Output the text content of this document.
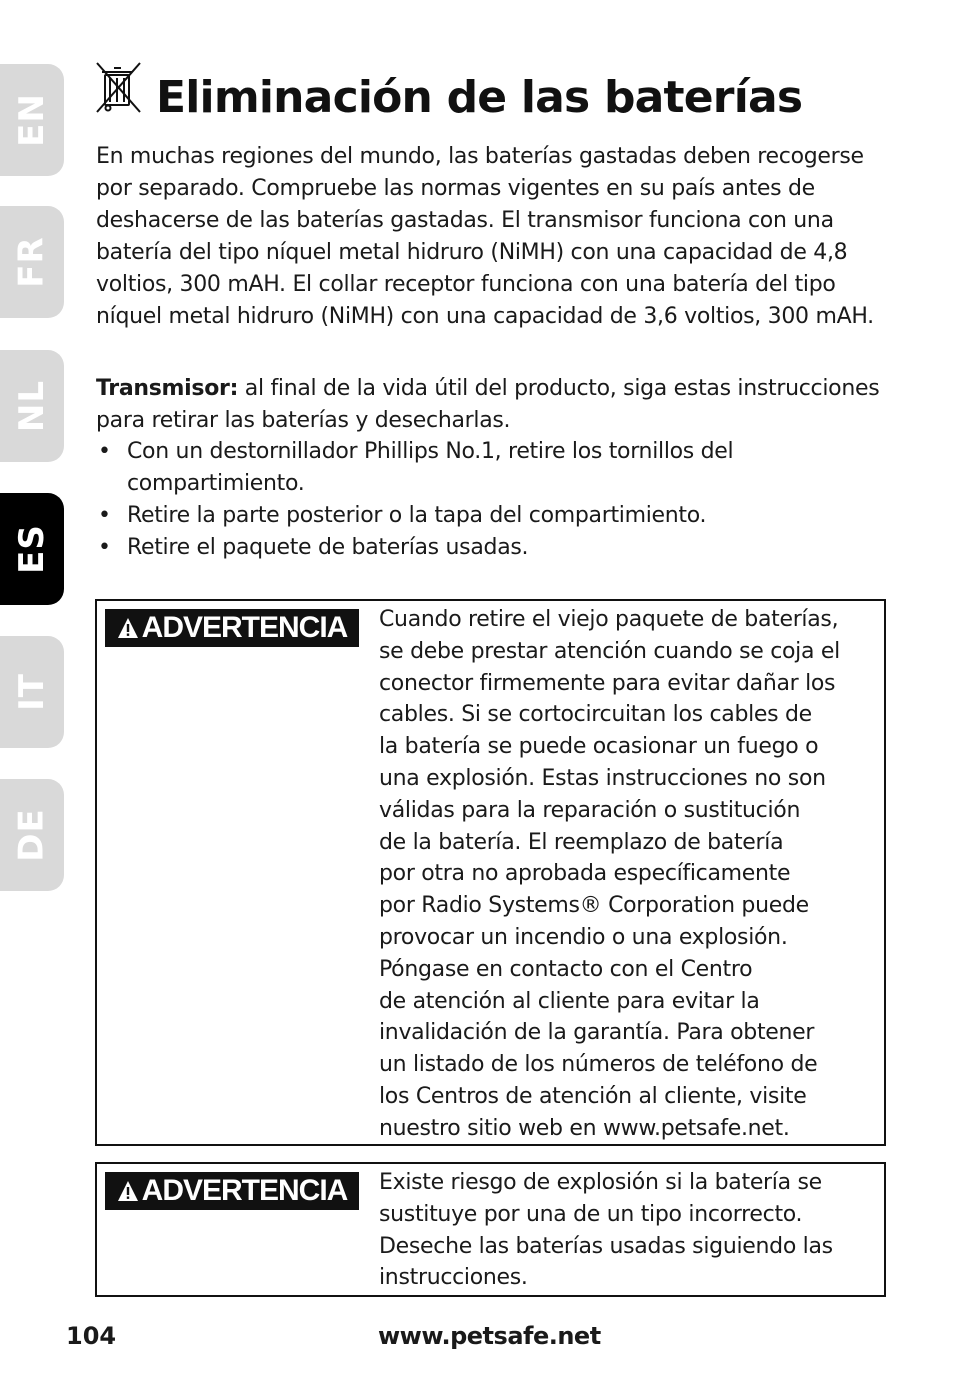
EN
FR
NL
ES
IT
DE
Eliminación de las baterías

En muchas regiones del mundo, las baterías gastadas deben recogerse por separado. Compruebe las normas vigentes en su país antes de deshacerse de las baterías gastadas. El transmisor funciona con una batería del tipo níquel metal hidruro (NiMH) con una capacidad de 4,8 voltios, 300 mAH. El collar receptor funciona con una batería del tipo níquel metal hidruro (NiMH) con una capacidad de 3,6 voltios, 300 mAH.

Transmisor: al final de la vida útil del producto, siga estas instrucciones para retirar las baterías y desecharlas.

• Con un destornillador Phillips No.1, retire los tornillos del compartimiento.
• Retire la parte posterior o la tapa del compartimiento.
• Retire el paquete de baterías usadas.
ADVERTENCIA Cuando retire el viejo paquete de baterías,
se debe prestar atención cuando se coja el
conector firmemente para evitar dañar los
cables. Si se cortocircuitan los cables de
la batería se puede ocasionar un fuego o
una explosión. Estas instrucciones no son
válidas para la reparación o sustitución
de la batería. El reemplazo de batería
por otra no aprobada específicamente
por Radio Systems® Corporation puede
provocar un incendio o una explosión.
Póngase en contacto con el Centro
de atención al cliente para evitar la
invalidación de la garantía. Para obtener
un listado de los números de teléfono de
los Centros de atención al cliente, visite
nuestro sitio web en www.petsafe.net.

ADVERTENCIA Existe riesgo de explosión si la batería se
sustituye por una de un tipo incorrecto.
Deseche las baterías usadas siguiendo las
instrucciones.

104	www.petsafe.net
